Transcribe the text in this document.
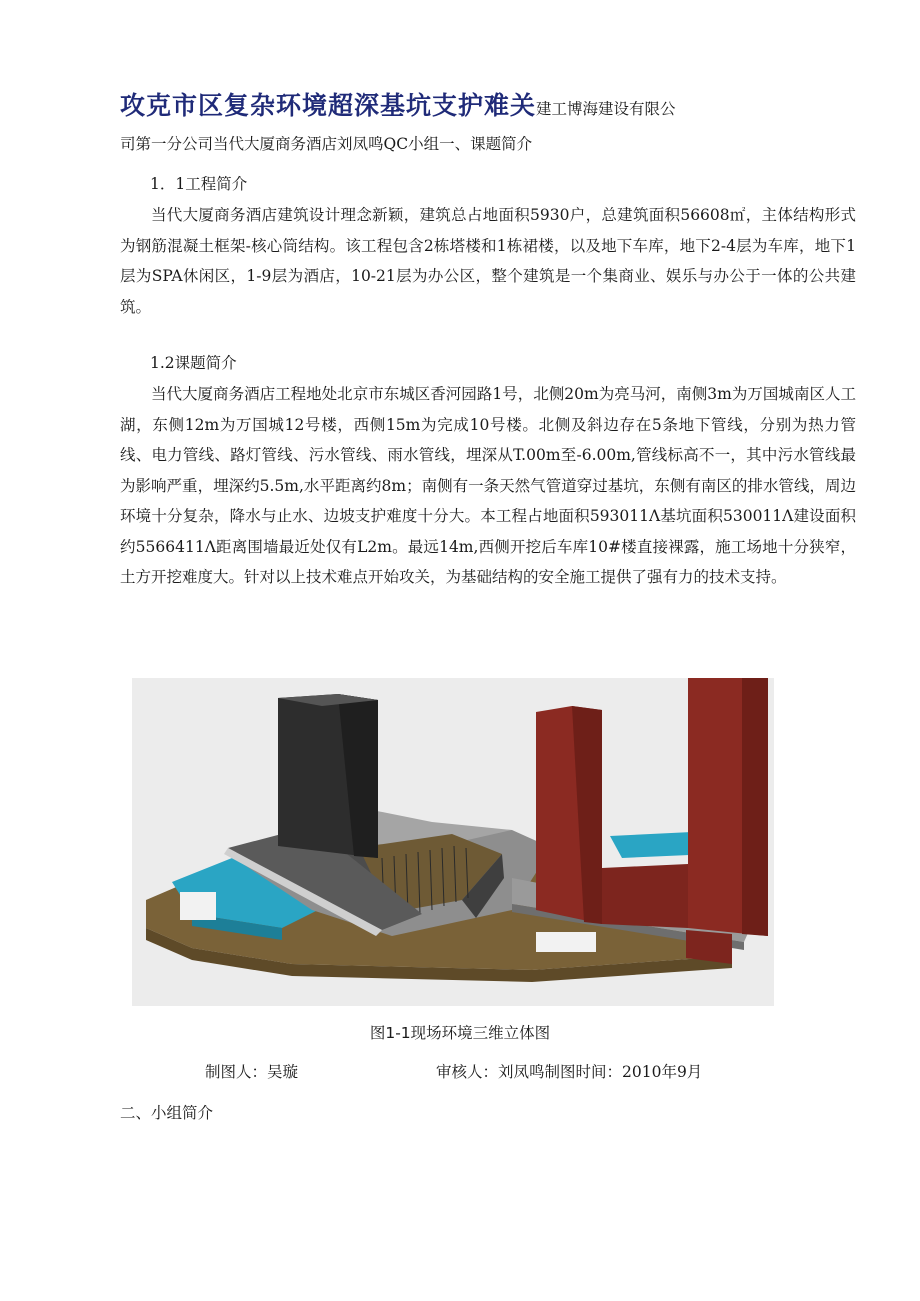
攻克市区复杂环境超深基坑支护难关建工博海建设有限公
司第一分公司当代大厦商务酒店刘凤鸣QC小组一、课题简介
1．1工程简介

当代大厦商务酒店建筑设计理念新颖，建筑总占地面积5930户，总建筑面积56608㎡，主体结构形式为钢筋混凝土框架-核心筒结构。该工程包含2栋塔楼和1栋裙楼，以及地下车库，地下2-4层为车库，地下1层为SPA休闲区，1-9层为酒店，10-21层为办公区，整个建筑是一个集商业、娱乐与办公于一体的公共建筑。

1.2课题简介

当代大厦商务酒店工程地处北京市东城区香河园路1号，北侧20m为亮马河，南侧3m为万国城南区人工湖，东侧12m为万国城12号楼，西侧15m为完成10号楼。北侧及斜边存在5条地下管线，分别为热力管线、电力管线、路灯管线、污水管线、雨水管线，埋深从T.00m至-6.00m,管线标高不一，其中污水管线最为影响严重，埋深约5.5m,水平距离约8m；南侧有一条天然气管道穿过基坑，东侧有南区的排水管线，周边环境十分复杂，降水与止水、边坡支护难度十分大。本工程占地面积593011Λ基坑面积530011Λ建设面积约5566411Λ距离围墙最近处仅有L2m。最远14m,西侧开挖后车库10#楼直接裸露，施工场地十分狭窄，土方开挖难度大。针对以上技术难点开始攻关，为基础结构的安全施工提供了强有力的技术支持。

图1-1现场环境三维立体图
制图人：吴璇	审核人：刘凤鸣制图时间：2010年9月
二、小组简介
